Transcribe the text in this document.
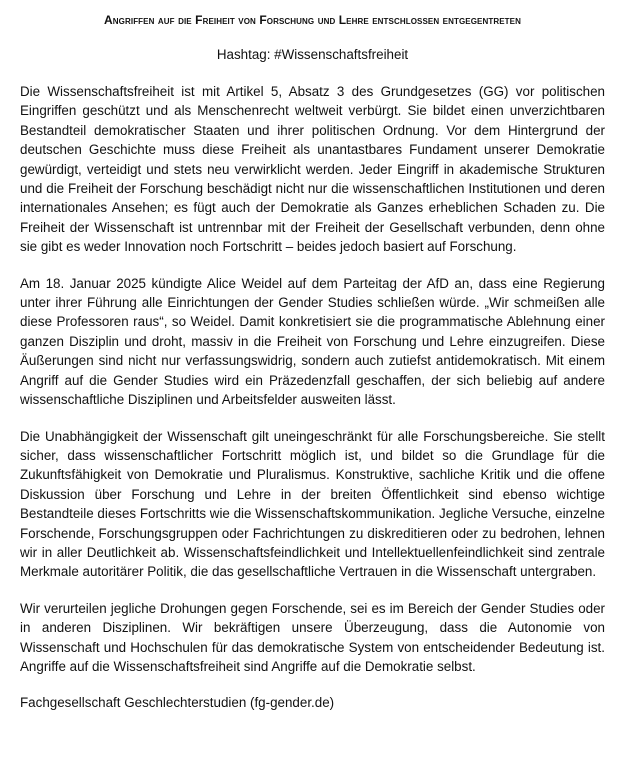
Angriffen auf die Freiheit von Forschung und Lehre entschlossen entgegentreten
Hashtag: #Wissenschaftsfreiheit

Die Wissenschaftsfreiheit ist mit Artikel 5, Absatz 3 des Grundgesetzes (GG) vor politischen Eingriffen geschützt und als Menschenrecht weltweit verbürgt. Sie bildet einen unverzichtbaren Bestandteil demokratischer Staaten und ihrer politischen Ordnung. Vor dem Hintergrund der deutschen Geschichte muss diese Freiheit als unantastbares Fundament unserer Demokratie gewürdigt, verteidigt und stets neu verwirklicht werden. Jeder Eingriff in akademische Strukturen und die Freiheit der Forschung beschädigt nicht nur die wissenschaftlichen Institutionen und deren internationales Ansehen; es fügt auch der Demokratie als Ganzes erheblichen Schaden zu. Die Freiheit der Wissenschaft ist untrennbar mit der Freiheit der Gesellschaft verbunden, denn ohne sie gibt es weder Innovation noch Fortschritt – beides jedoch basiert auf Forschung.

Am 18. Januar 2025 kündigte Alice Weidel auf dem Parteitag der AfD an, dass eine Regierung unter ihrer Führung alle Einrichtungen der Gender Studies schließen würde. „Wir schmeißen alle diese Professoren raus“, so Weidel. Damit konkretisiert sie die programmatische Ablehnung einer ganzen Disziplin und droht, massiv in die Freiheit von Forschung und Lehre einzugreifen. Diese Äußerungen sind nicht nur verfassungswidrig, sondern auch zutiefst antidemokratisch. Mit einem Angriff auf die Gender Studies wird ein Präzedenzfall geschaffen, der sich beliebig auf andere wissenschaftliche Disziplinen und Arbeitsfelder ausweiten lässt.

Die Unabhängigkeit der Wissenschaft gilt uneingeschränkt für alle Forschungsbereiche. Sie stellt sicher, dass wissenschaftlicher Fortschritt möglich ist, und bildet so die Grundlage für die Zukunftsfähigkeit von Demokratie und Pluralismus. Konstruktive, sachliche Kritik und die offene Diskussion über Forschung und Lehre in der breiten Öffentlichkeit sind ebenso wichtige Bestandteile dieses Fortschritts wie die Wissenschaftskommunikation. Jegliche Versuche, einzelne Forschende, Forschungsgruppen oder Fachrichtungen zu diskreditieren oder zu bedrohen, lehnen wir in aller Deutlichkeit ab. Wissenschaftsfeindlichkeit und Intellektuellenfeindlichkeit sind zentrale Merkmale autoritärer Politik, die das gesellschaftliche Vertrauen in die Wissenschaft untergraben.

Wir verurteilen jegliche Drohungen gegen Forschende, sei es im Bereich der Gender Studies oder in anderen Disziplinen. Wir bekräftigen unsere Überzeugung, dass die Autonomie von Wissenschaft und Hochschulen für das demokratische System von entscheidender Bedeutung ist. Angriffe auf die Wissenschaftsfreiheit sind Angriffe auf die Demokratie selbst.

Fachgesellschaft Geschlechterstudien (fg-gender.de)
